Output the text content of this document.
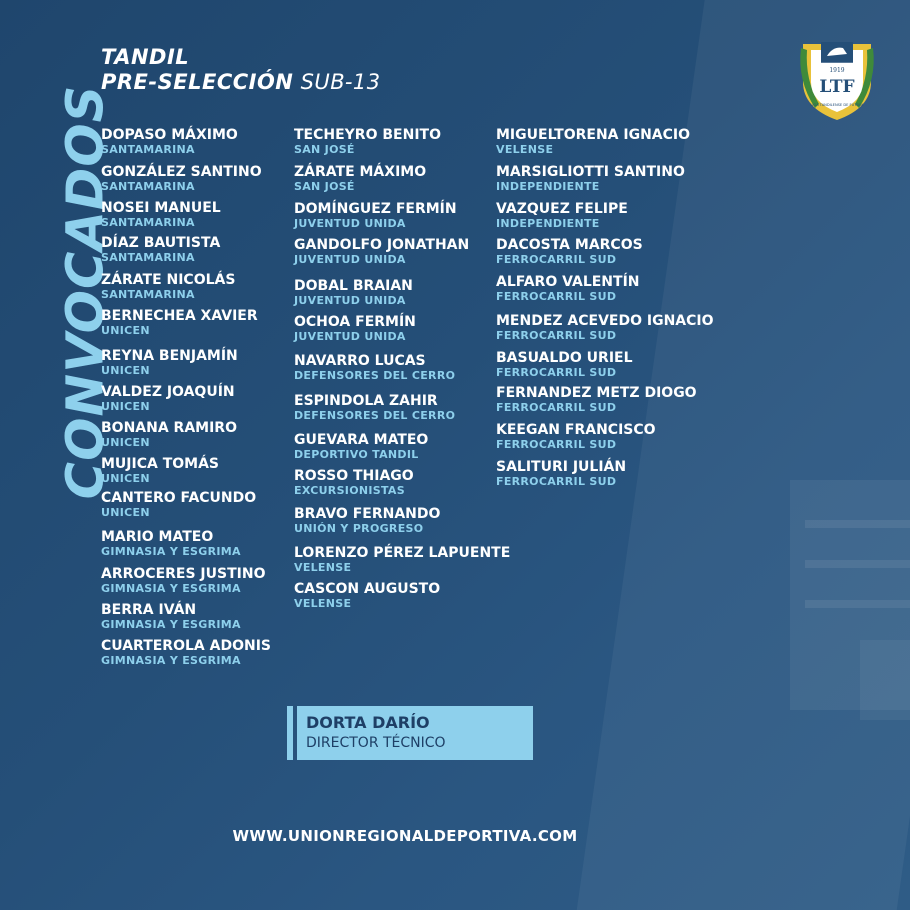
CONVOCADOS
TANDIL
PRE-SELECCIÓN SUB-13	1919
LTF
LIGA TANDILENSE DE FÚTBOL
DOPASO MÁXIMO
SANTAMARINA
GONZÁLEZ SANTINO
SANTAMARINA
NOSEI MANUEL
SANTAMARINA
DÍAZ BAUTISTA
SANTAMARINA
ZÁRATE NICOLÁS
SANTAMARINA
BERNECHEA XAVIER
UNICEN
REYNA BENJAMÍN
UNICEN
VALDEZ JOAQUÍN
UNICEN
BONANA RAMIRO
UNICEN
MUJICA TOMÁS
UNICEN
CANTERO FACUNDO
UNICEN
MARIO MATEO
GIMNASIA Y ESGRIMA
ARROCERES JUSTINO
GIMNASIA Y ESGRIMA
BERRA IVÁN
GIMNASIA Y ESGRIMA
CUARTEROLA ADONIS
GIMNASIA Y ESGRIMA
TECHEYRO BENITO
SAN JOSÉ
ZÁRATE MÁXIMO
SAN JOSÉ
DOMÍNGUEZ FERMÍN
JUVENTUD UNIDA
GANDOLFO JONATHAN
JUVENTUD UNIDA
DOBAL BRAIAN
JUVENTUD UNIDA
OCHOA FERMÍN
JUVENTUD UNIDA
NAVARRO LUCAS
DEFENSORES DEL CERRO
ESPINDOLA ZAHIR
DEFENSORES DEL CERRO
GUEVARA MATEO
DEPORTIVO TANDIL
ROSSO THIAGO
EXCURSIONISTAS
BRAVO FERNANDO
UNIÓN Y PROGRESO
LORENZO PÉREZ LAPUENTE
VELENSE
CASCON AUGUSTO
VELENSE
MIGUELTORENA IGNACIO
VELENSE
MARSIGLIOTTI SANTINO
INDEPENDIENTE
VAZQUEZ FELIPE
INDEPENDIENTE
DACOSTA MARCOS
FERROCARRIL SUD
ALFARO VALENTÍN
FERROCARRIL SUD
MENDEZ ACEVEDO IGNACIO
FERROCARRIL SUD
BASUALDO URIEL
FERROCARRIL SUD
FERNANDEZ METZ DIOGO
FERROCARRIL SUD
KEEGAN FRANCISCO
FERROCARRIL SUD
SALITURI JULIÁN
FERROCARRIL SUD
DORTA DARÍO
DIRECTOR TÉCNICO
WWW.UNIONREGIONALDEPORTIVA.COM
